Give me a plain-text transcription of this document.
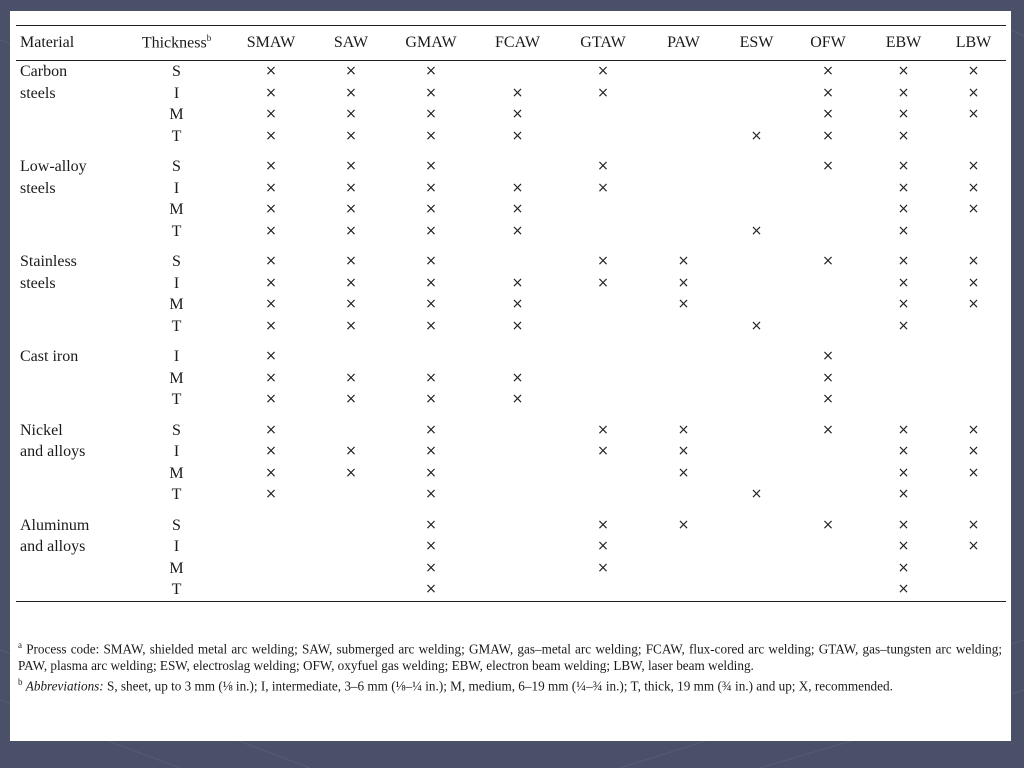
Material	Thickness$^b$	SMAW	SAW	GMAW	FCAW	GTAW	PAW	ESW	OFW	EBW	LBW
Carbon	S	×	×	×		×			×	×	×
steels	I	×	×	×	×	×			×	×	×
	M	×	×	×	×				×	×	×
	T	×	×	×	×			×	×	×	

Low-alloy	S	×	×	×		×			×	×	×
steels	I	×	×	×	×	×				×	×
	M	×	×	×	×					×	×
	T	×	×	×	×			×		×	

Stainless	S	×	×	×		×	×		×	×	×
steels	I	×	×	×	×	×	×			×	×
	M	×	×	×	×		×			×	×
	T	×	×	×	×			×		×	

Cast iron	I	×							×		
	M	×	×	×	×				×		
	T	×	×	×	×				×		

Nickel	S	×		×		×	×		×	×	×
and alloys	I	×	×	×		×	×			×	×
	M	×	×	×			×			×	×
	T	×		×				×		×	

Aluminum	S			×		×	×		×	×	×
and alloys	I			×		×				×	×
	M			×		×				×	
	T			×						×	

$^a$ Process code: SMAW, shielded metal arc welding; SAW, submerged arc welding; GMAW, gas–metal arc welding; FCAW, flux-cored arc welding; GTAW, gas–tungsten arc welding; PAW, plasma arc welding; ESW, electroslag welding; OFW, oxyfuel gas welding; EBW, electron beam welding; LBW, laser beam welding.

$^b$ Abbreviations: S, sheet, up to 3 mm (⅛ in.); I, intermediate, 3–6 mm (⅛–¼ in.); M, medium, 6–19 mm (¼–¾ in.); T, thick, 19 mm (¾ in.) and up; X, recommended.
